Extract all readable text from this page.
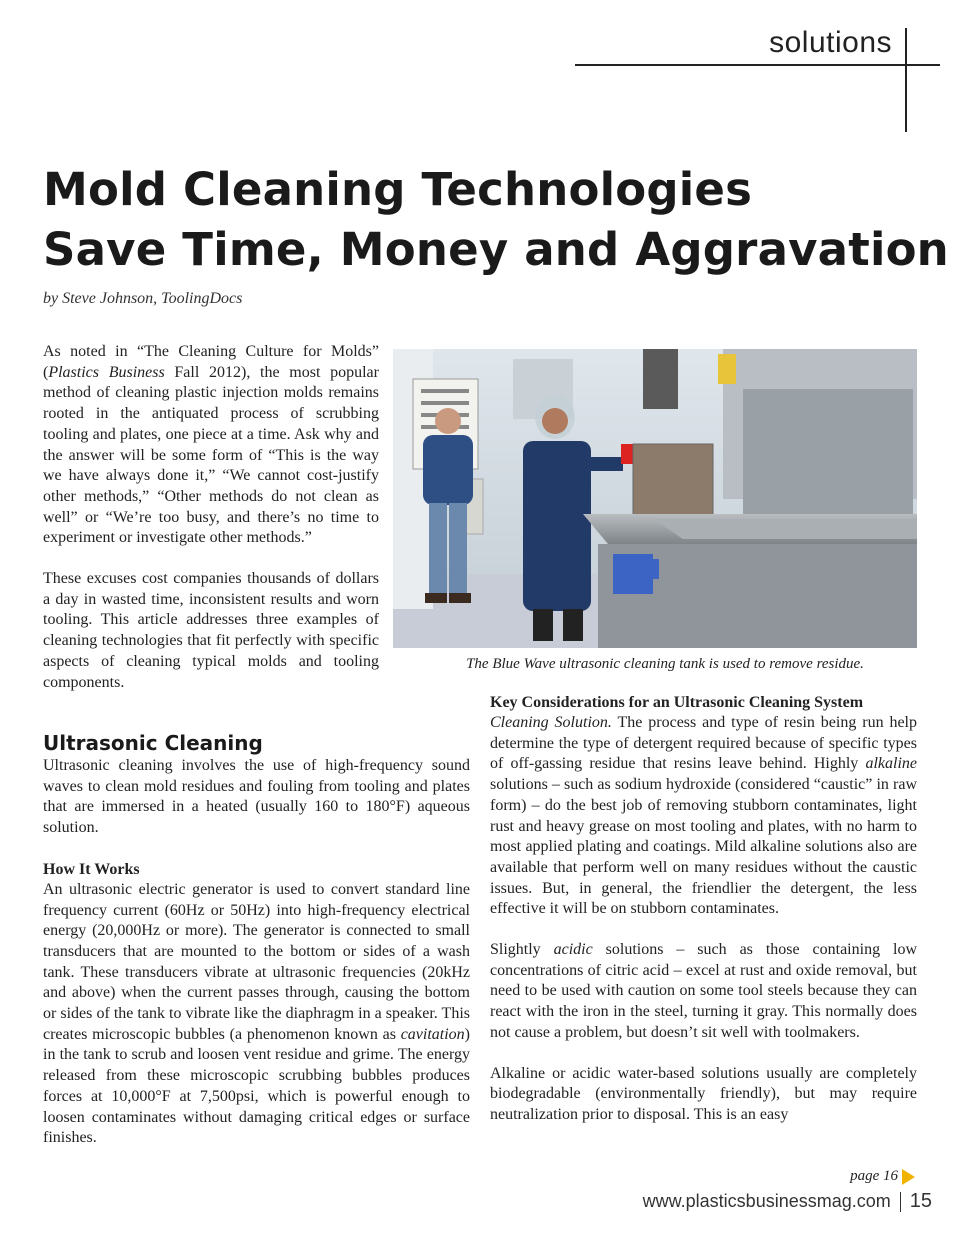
solutions
Mold Cleaning Technologies
Save Time, Money and Aggravation
by Steve Johnson, ToolingDocs

As noted in “The Cleaning Culture for Molds” (Plastics Business Fall 2012), the most popular method of cleaning plastic injection molds remains rooted in the antiquated process of scrubbing tooling and plates, one piece at a time. Ask why and the answer will be some form of “This is the way we have always done it,” “We cannot cost-justify other methods,” “Other methods do not clean as well” or “We’re too busy, and there’s no time to experiment or investigate other methods.”

These excuses cost companies thousands of dollars a day in wasted time, inconsistent results and worn tooling. This article addresses three examples of cleaning technologies that fit perfectly with specific aspects of cleaning typical molds and tooling components.

The Blue Wave ultrasonic cleaning tank is used to remove residue.
Ultrasonic Cleaning

Ultrasonic cleaning involves the use of high-frequency sound waves to clean mold residues and fouling from tooling and plates that are immersed in a heated (usually 160 to 180°F) aqueous solution.

How It Works

An ultrasonic electric generator is used to convert standard line frequency current (60Hz or 50Hz) into high-frequency electrical energy (20,000Hz or more). The generator is connected to small transducers that are mounted to the bottom or sides of a wash tank. These transducers vibrate at ultrasonic frequencies (20kHz and above) when the current passes through, causing the bottom or sides of the tank to vibrate like the diaphragm in a speaker. This creates microscopic bubbles (a phenomenon known as cavitation) in the tank to scrub and loosen vent residue and grime. The energy released from these microscopic scrubbing bubbles produces forces at 10,000°F at 7,500psi, which is powerful enough to loosen contaminates without damaging critical edges or surface finishes.

Key Considerations for an Ultrasonic Cleaning System

Cleaning Solution. The process and type of resin being run help determine the type of detergent required because of specific types of off-gassing residue that resins leave behind. Highly alkaline solutions – such as sodium hydroxide (considered “caustic” in raw form) – do the best job of removing stubborn contaminates, light rust and heavy grease on most tooling and plates, with no harm to most applied plating and coatings. Mild alkaline solutions also are available that perform well on many residues without the caustic issues. But, in general, the friendlier the detergent, the less effective it will be on stubborn contaminates.

Slightly acidic solutions – such as those containing low concentrations of citric acid – excel at rust and oxide removal, but need to be used with caution on some tool steels because they can react with the iron in the steel, turning it gray. This normally does not cause a problem, but doesn’t sit well with toolmakers.

Alkaline or acidic water-based solutions usually are completely biodegradable (environmentally friendly), but may require neutralization prior to disposal. This is an easy

page 16
www.plasticsbusinessmag.com 15
